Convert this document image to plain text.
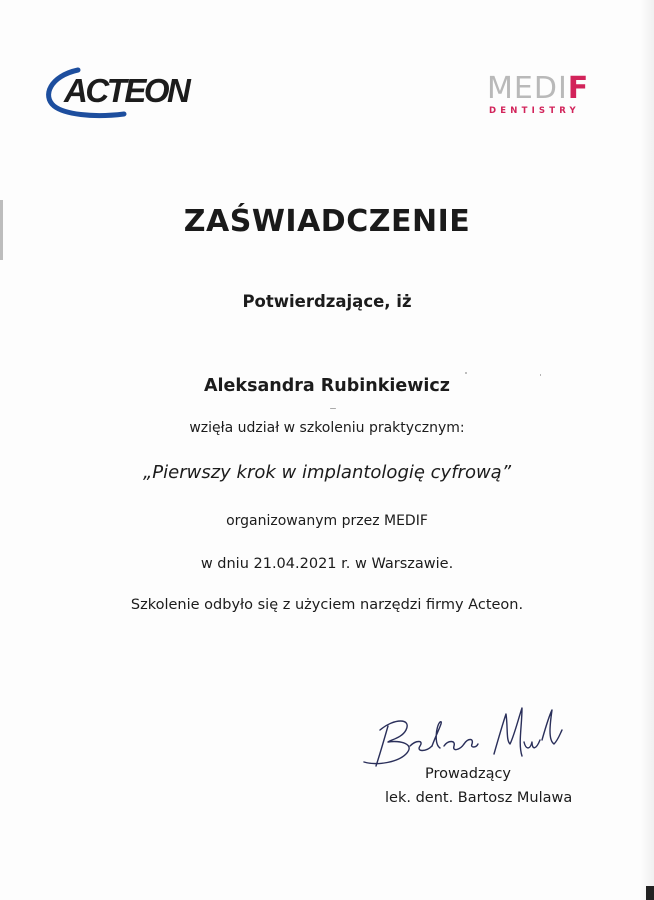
ACTEON	MEDIF
DENTISTRY
ZAŚWIADCZENIE
Potwierdzające, iż
Aleksandra Rubinkiewicz
wzięła udział w szkoleniu praktycznym:
„Pierwszy krok w implantologię cyfrową”
organizowanym przez MEDIF
w dniu 21.04.2021 r. w Warszawie.
Szkolenie odbyło się z użyciem narzędzi firmy Acteon.
Prowadzący
lek. dent. Bartosz Mulawa
